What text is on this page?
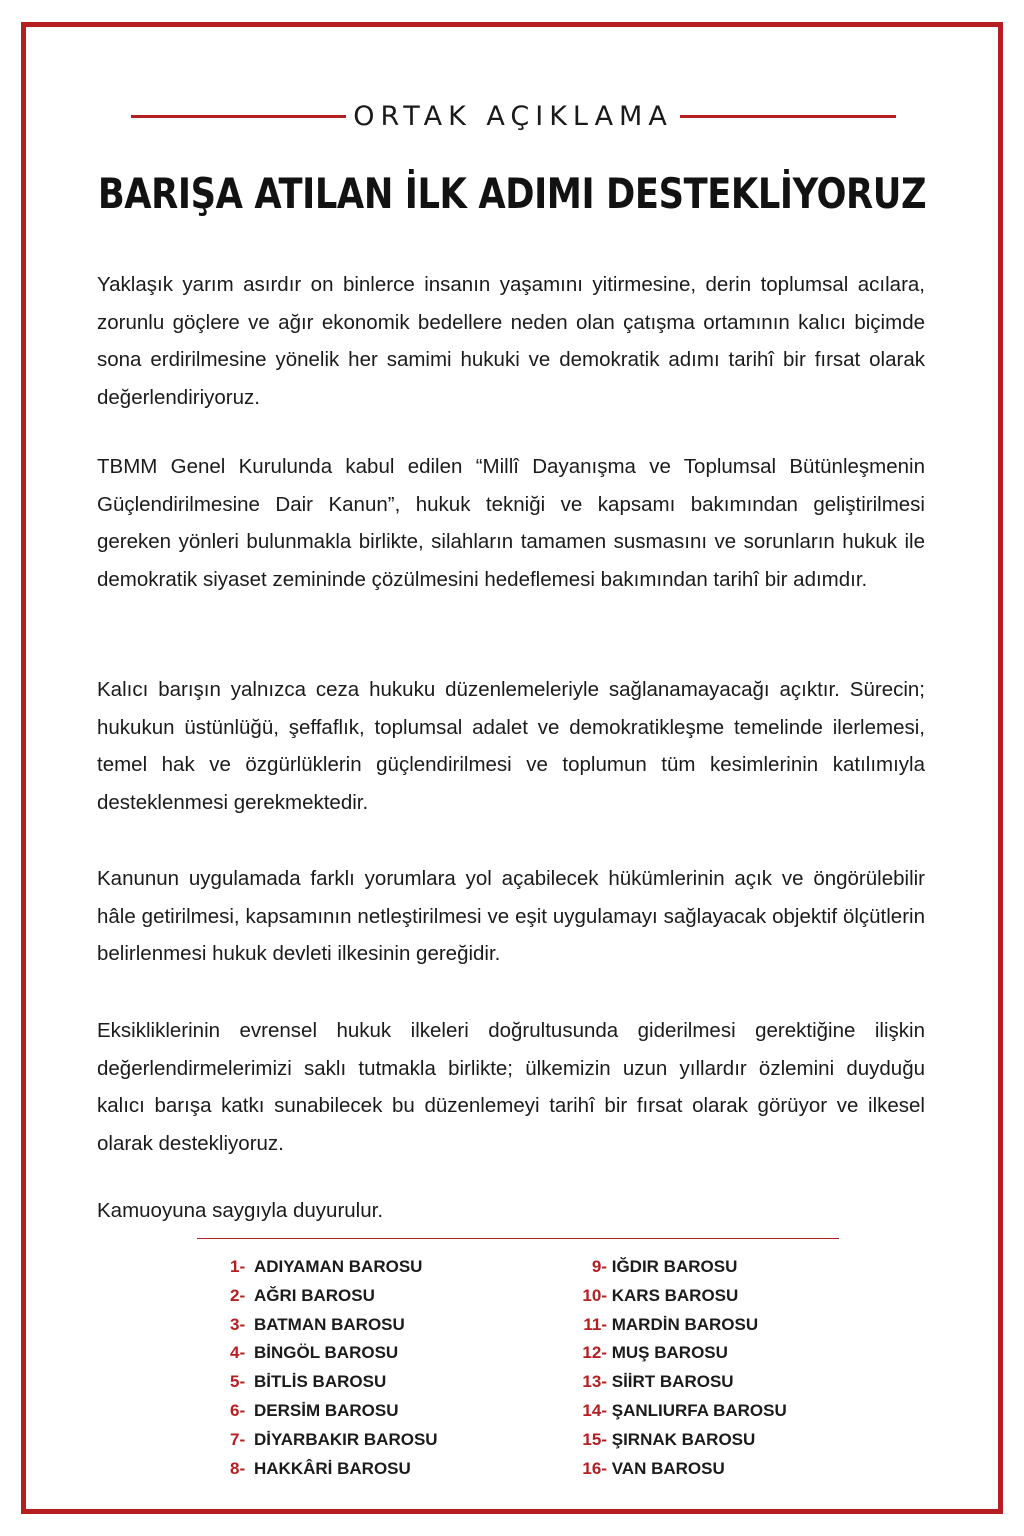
ORTAK AÇIKLAMA
BARIŞA ATILAN İLK ADIMI DESTEKLİYORUZ

Yaklaşık yarım asırdır on binlerce insanın yaşamını yitirmesine, derin toplumsal acılara, zorunlu göçlere ve ağır ekonomik bedellere neden olan çatışma ortamının kalıcı biçimde sona erdirilmesine yönelik her samimi hukuki ve demokratik adımı tarihî bir fırsat olarak değerlendiriyoruz.

TBMM Genel Kurulunda kabul edilen “Millî Dayanışma ve Toplumsal Bütünleşmenin Güçlendirilmesine Dair Kanun”, hukuk tekniği ve kapsamı bakımından geliştirilmesi gereken yönleri bulunmakla birlikte, silahların tamamen susmasını ve sorunların hukuk ile demokratik siyaset zemininde çözülmesini hedeflemesi bakımından tarihî bir adımdır.

Kalıcı barışın yalnızca ceza hukuku düzenlemeleriyle sağlanamayacağı açıktır. Sürecin; hukukun üstünlüğü, şeffaflık, toplumsal adalet ve demokratikleşme temelinde ilerlemesi, temel hak ve özgürlüklerin güçlendirilmesi ve toplumun tüm kesimlerinin katılımıyla desteklenmesi gerekmektedir.

Kanunun uygulamada farklı yorumlara yol açabilecek hükümlerinin açık ve öngörülebilir hâle getirilmesi, kapsamının netleştirilmesi ve eşit uygulamayı sağlayacak objektif ölçütlerin belirlenmesi hukuk devleti ilkesinin gereğidir.

Eksikliklerinin evrensel hukuk ilkeleri doğrultusunda giderilmesi gerektiğine ilişkin değerlendirmelerimizi saklı tutmakla birlikte; ülkemizin uzun yıllardır özlemini duyduğu kalıcı barışa katkı sunabilecek bu düzenlemeyi tarihî bir fırsat olarak görüyor ve ilkesel olarak destekliyoruz.

Kamuoyuna saygıyla duyurulur.

1- ADIYAMAN BAROSU
2- AĞRI BAROSU
3- BATMAN BAROSU
4- BİNGÖL BAROSU
5- BİTLİS BAROSU
6- DERSİM BAROSU
7- DİYARBAKIR BAROSU
8- HAKKÂRİ BAROSU
9- IĞDIR BAROSU
10- KARS BAROSU
11- MARDİN BAROSU
12- MUŞ BAROSU
13- SİİRT BAROSU
14- ŞANLIURFA BAROSU
15- ŞIRNAK BAROSU
16- VAN BAROSU
